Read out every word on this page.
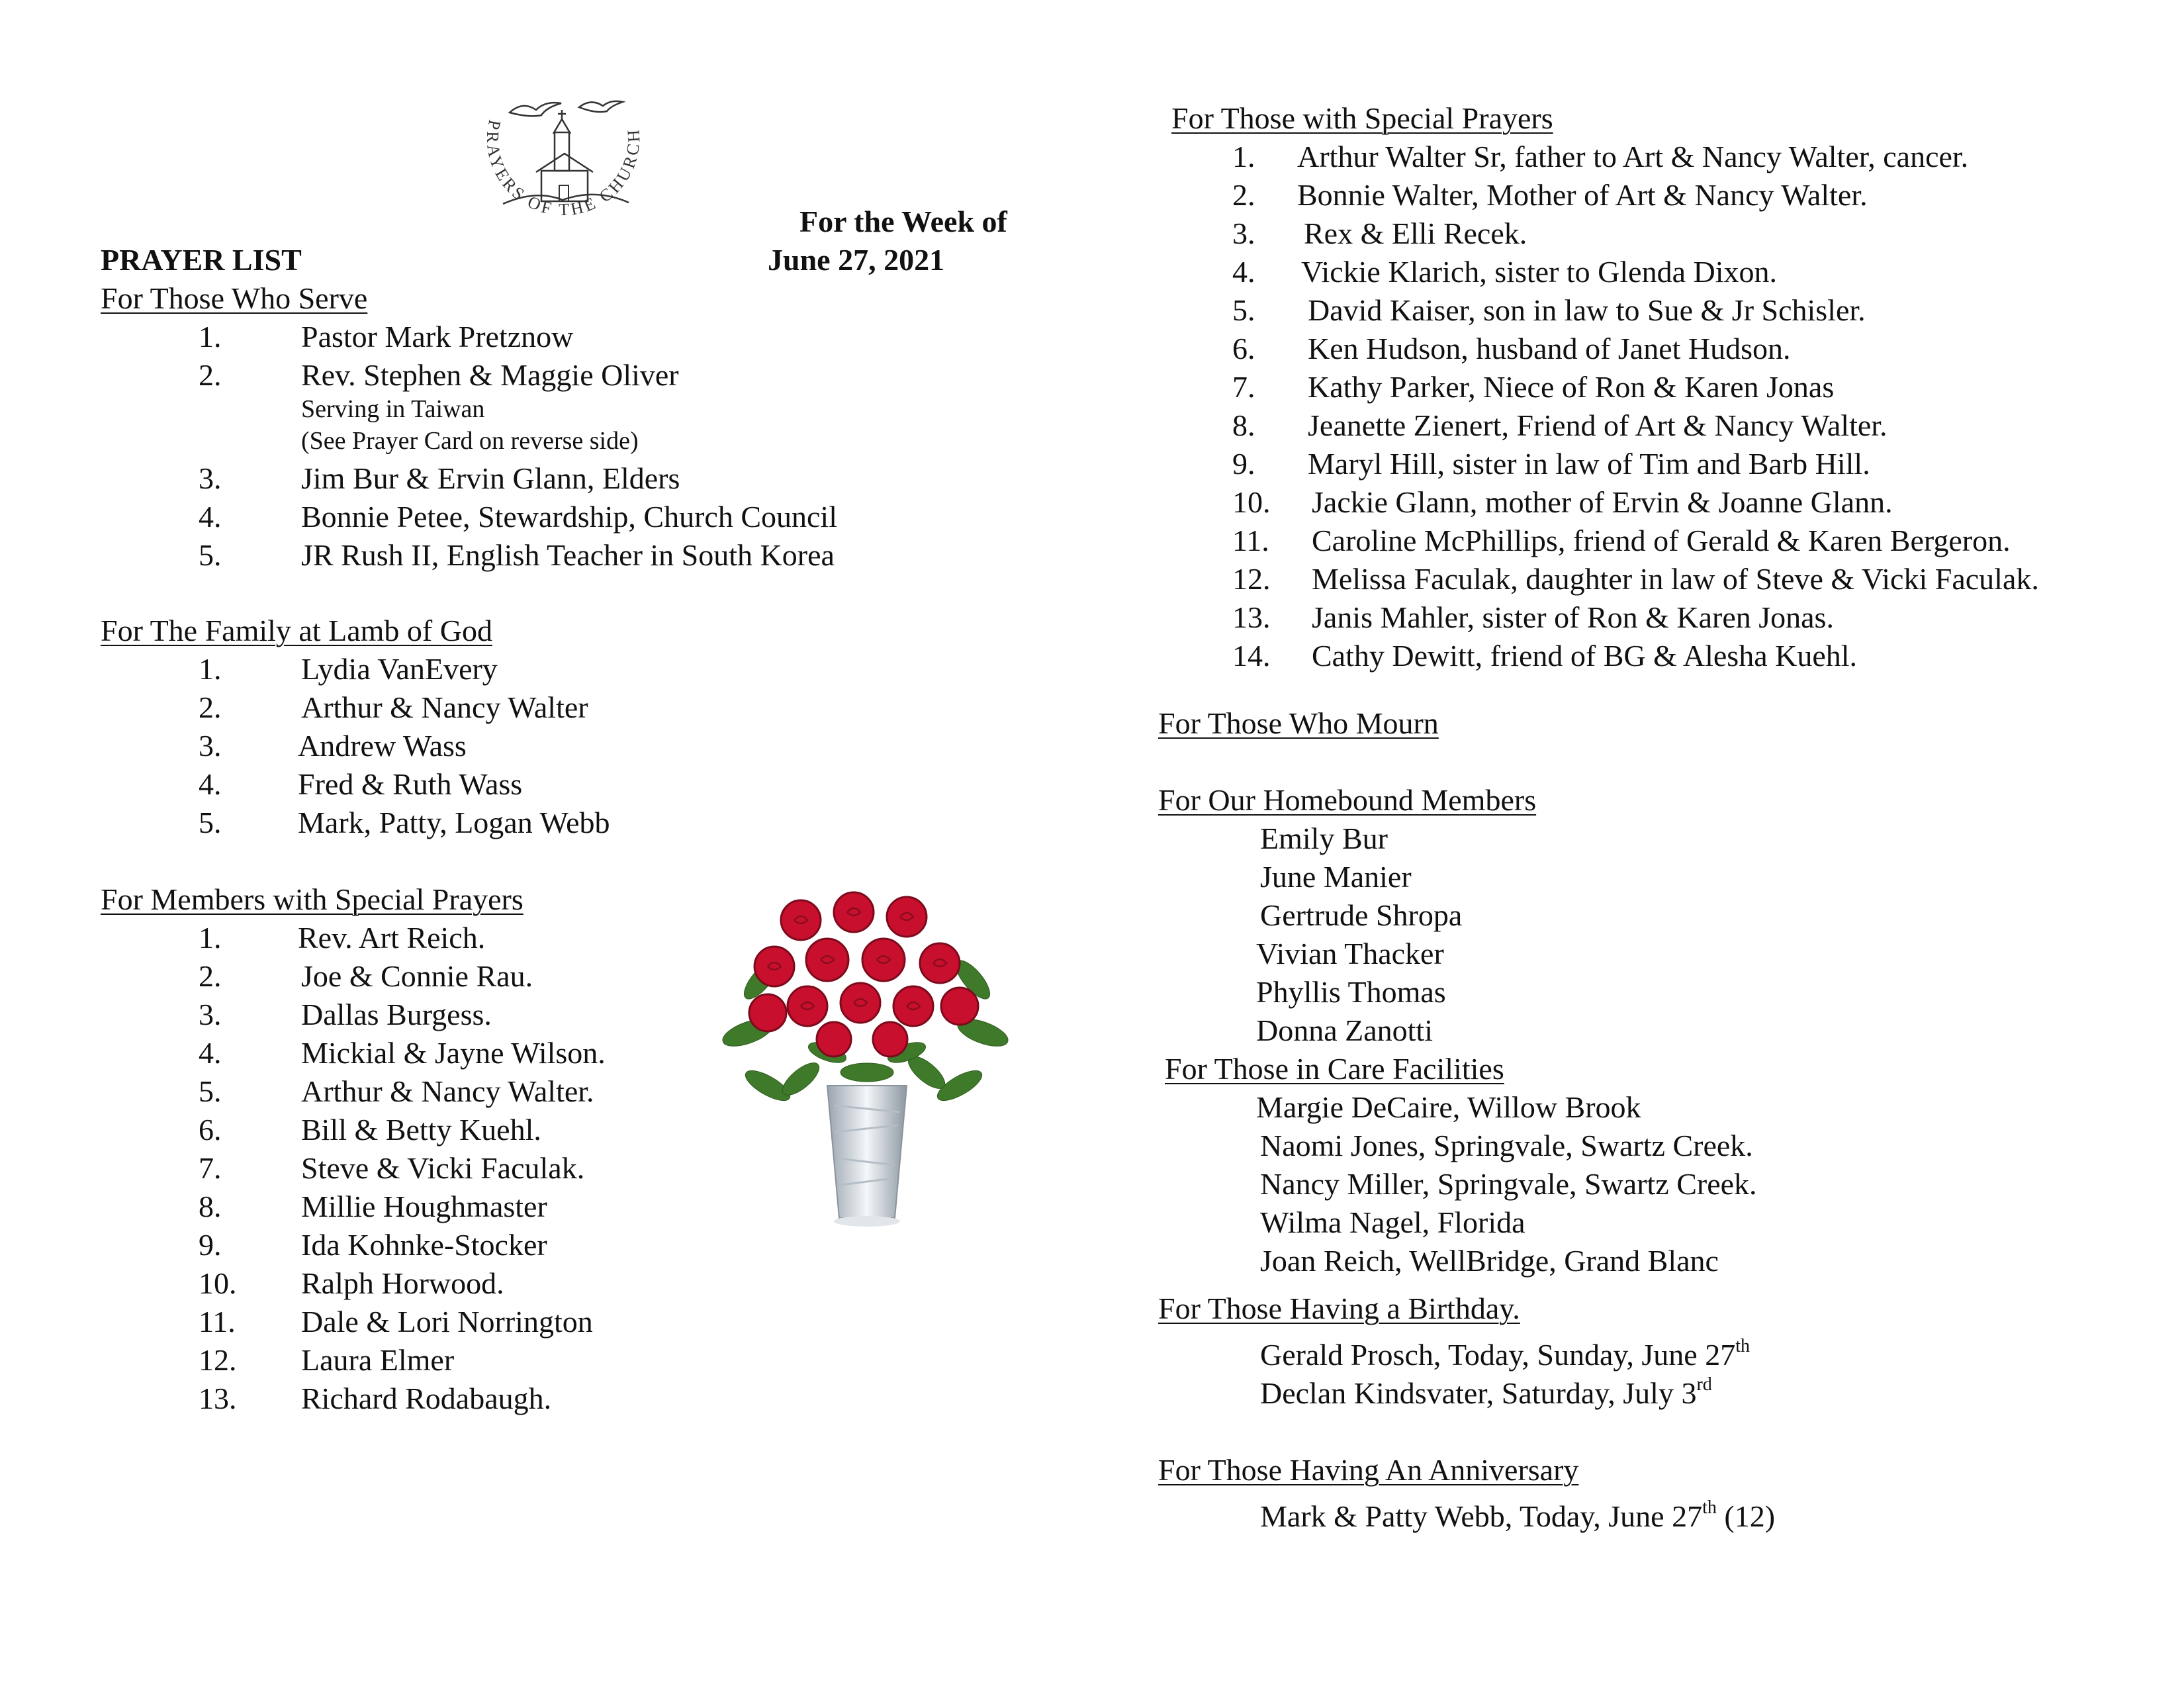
PRAYERS OF THE CHURCH
For the Week of
PRAYER LIST	June 27, 2021
For Those Who Serve
1.	Pastor Mark Pretznow
2.	Rev. Stephen & Maggie Oliver
Serving in Taiwan
(See Prayer Card on reverse side)
3.	Jim Bur & Ervin Glann, Elders
4.	Bonnie Petee, Stewardship, Church Council
5.	JR Rush II, English Teacher in South Korea
For The Family at Lamb of God
1.	Lydia VanEvery
2.	Arthur & Nancy Walter
3.	Andrew Wass
4.	Fred & Ruth Wass
5.	Mark, Patty, Logan Webb
For Members with Special Prayers
1.	Rev. Art Reich.
2.	Joe & Connie Rau.
3.	Dallas Burgess.
4.	Mickial & Jayne Wilson.
5.	Arthur & Nancy Walter.
6.	Bill & Betty Kuehl.
7.	Steve & Vicki Faculak.
8.	Millie Houghmaster
9.	Ida Kohnke-Stocker
10. Ralph Horwood.
11. Dale & Lori Norrington
12. Laura Elmer
13. Richard Rodabaugh.
For Those with Special Prayers
1. Arthur Walter Sr, father to Art & Nancy Walter, cancer.
2. Bonnie Walter, Mother of Art & Nancy Walter.
3. Rex & Elli Recek.
4. Vickie Klarich, sister to Glenda Dixon.
5. David Kaiser, son in law to Sue & Jr Schisler.
6. Ken Hudson, husband of Janet Hudson.
7. Kathy Parker, Niece of Ron & Karen Jonas
8. Jeanette Zienert, Friend of Art & Nancy Walter.
9. Maryl Hill, sister in law of Tim and Barb Hill.
10. Jackie Glann, mother of Ervin & Joanne Glann.
11. Caroline McPhillips, friend of Gerald & Karen Bergeron.
12. Melissa Faculak, daughter in law of Steve & Vicki Faculak.
13. Janis Mahler, sister of Ron & Karen Jonas.
14. Cathy Dewitt, friend of BG & Alesha Kuehl.
For Those Who Mourn
For Our Homebound Members
Emily Bur
June Manier
Gertrude Shropa
Vivian Thacker
Phyllis Thomas
Donna Zanotti
For Those in Care Facilities
Margie DeCaire, Willow Brook
Naomi Jones, Springvale, Swartz Creek.
Nancy Miller, Springvale, Swartz Creek.
Wilma Nagel, Florida
Joan Reich, WellBridge, Grand Blanc
For Those Having a Birthday.
Gerald Prosch, Today, Sunday, June 27th
Declan Kindsvater, Saturday, July 3rd
For Those Having An Anniversary
Mark & Patty Webb, Today, June 27th (12)
